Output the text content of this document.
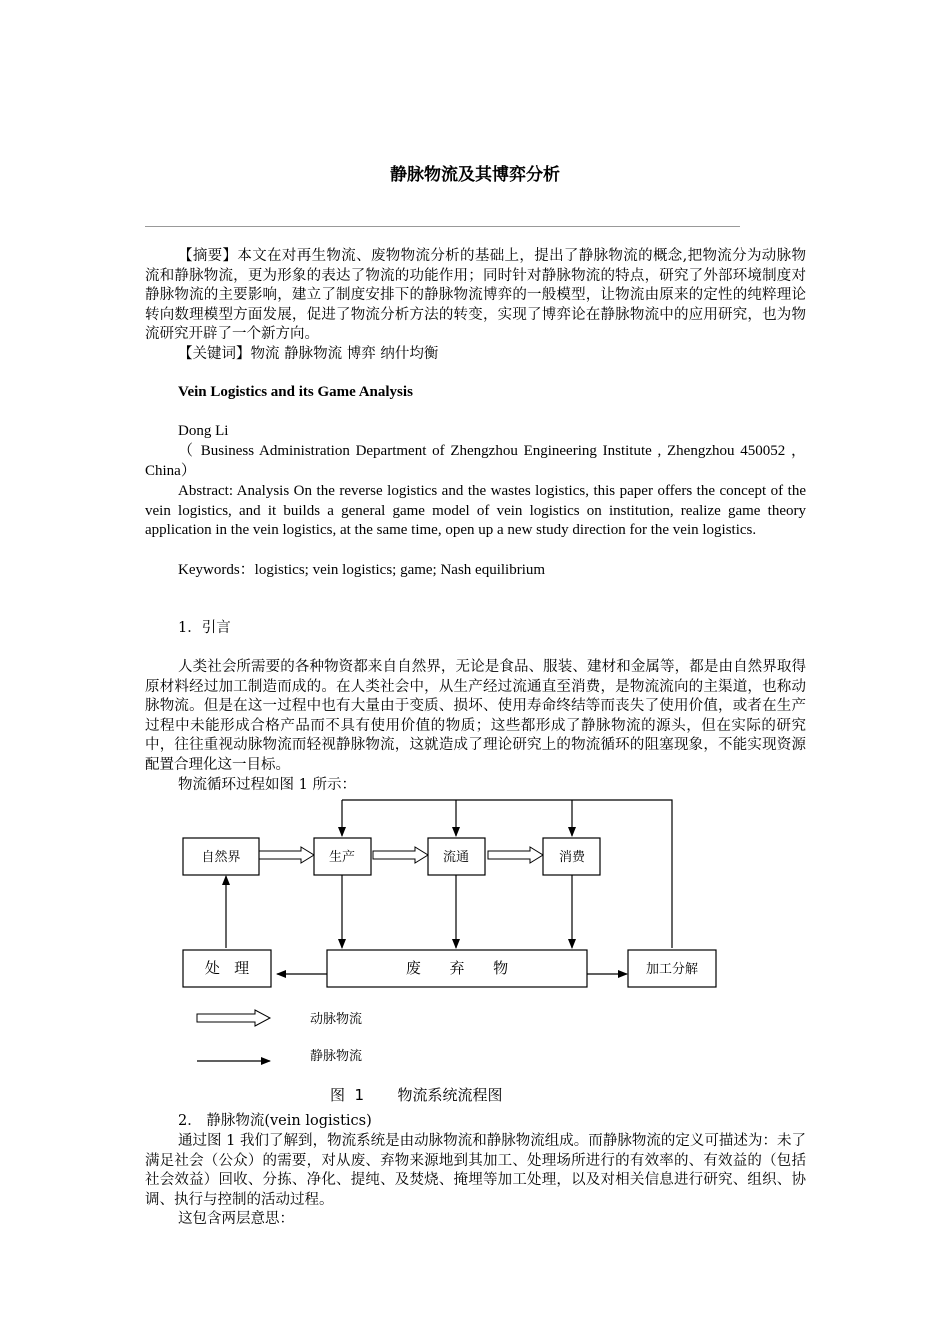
静脉物流及其博弈分析
【摘要】本文在对再生物流、废物物流分析的基础上，提出了静脉物流的概念,把物流分为动脉物流和静脉物流，更为形象的表达了物流的功能作用；同时针对静脉物流的特点，研究了外部环境制度对静脉物流的主要影响，建立了制度安排下的静脉物流博弈的一般模型，让物流由原来的定性的纯粹理论转向数理模型方面发展，促进了物流分析方法的转变，实现了博弈论在静脉物流中的应用研究，也为物流研究开辟了一个新方向。
【关键词】物流 静脉物流 博弈 纳什均衡
Vein Logistics and its Game Analysis
Dong Li
（ Business Administration Department of Zhengzhou Engineering Institute , Zhengzhou 450052 ，China）
Abstract: Analysis On the reverse logistics and the wastes logistics, this paper offers the concept of the vein logistics, and it builds a general game model of vein logistics on institution, realize game theory application in the vein logistics, at the same time, open up a new study direction for the vein logistics.
Keywords：logistics; vein logistics; game; Nash equilibrium
1．引言
人类社会所需要的各种物资都来自自然界，无论是食品、服装、建材和金属等，都是由自然界取得原材料经过加工制造而成的。在人类社会中，从生产经过流通直至消费，是物流流向的主渠道，也称动脉物流。但是在这一过程中也有大量由于变质、损坏、使用寿命终结等而丧失了使用价值，或者在生产过程中未能形成合格产品而不具有使用价值的物质；这些都形成了静脉物流的源头，但在实际的研究中，往往重视动脉物流而轻视静脉物流，这就造成了理论研究上的物流循环的阻塞现象，不能实现资源配置合理化这一目标。
物流循环过程如图 1 所示：
自然界	生产	流通	消费
处   理	废      弃      物	加工分解
动脉物流
静脉物流
图  1       物流系统流程图
2． 静脉物流(vein logistics)
通过图 1 我们了解到，物流系统是由动脉物流和静脉物流组成。而静脉物流的定义可描述为：未了满足社会（公众）的需要，对从废、弃物来源地到其加工、处理场所进行的有效率的、有效益的（包括社会效益）回收、分拣、净化、提纯、及焚烧、掩埋等加工处理，以及对相关信息进行研究、组织、协调、执行与控制的活动过程。
这包含两层意思：
